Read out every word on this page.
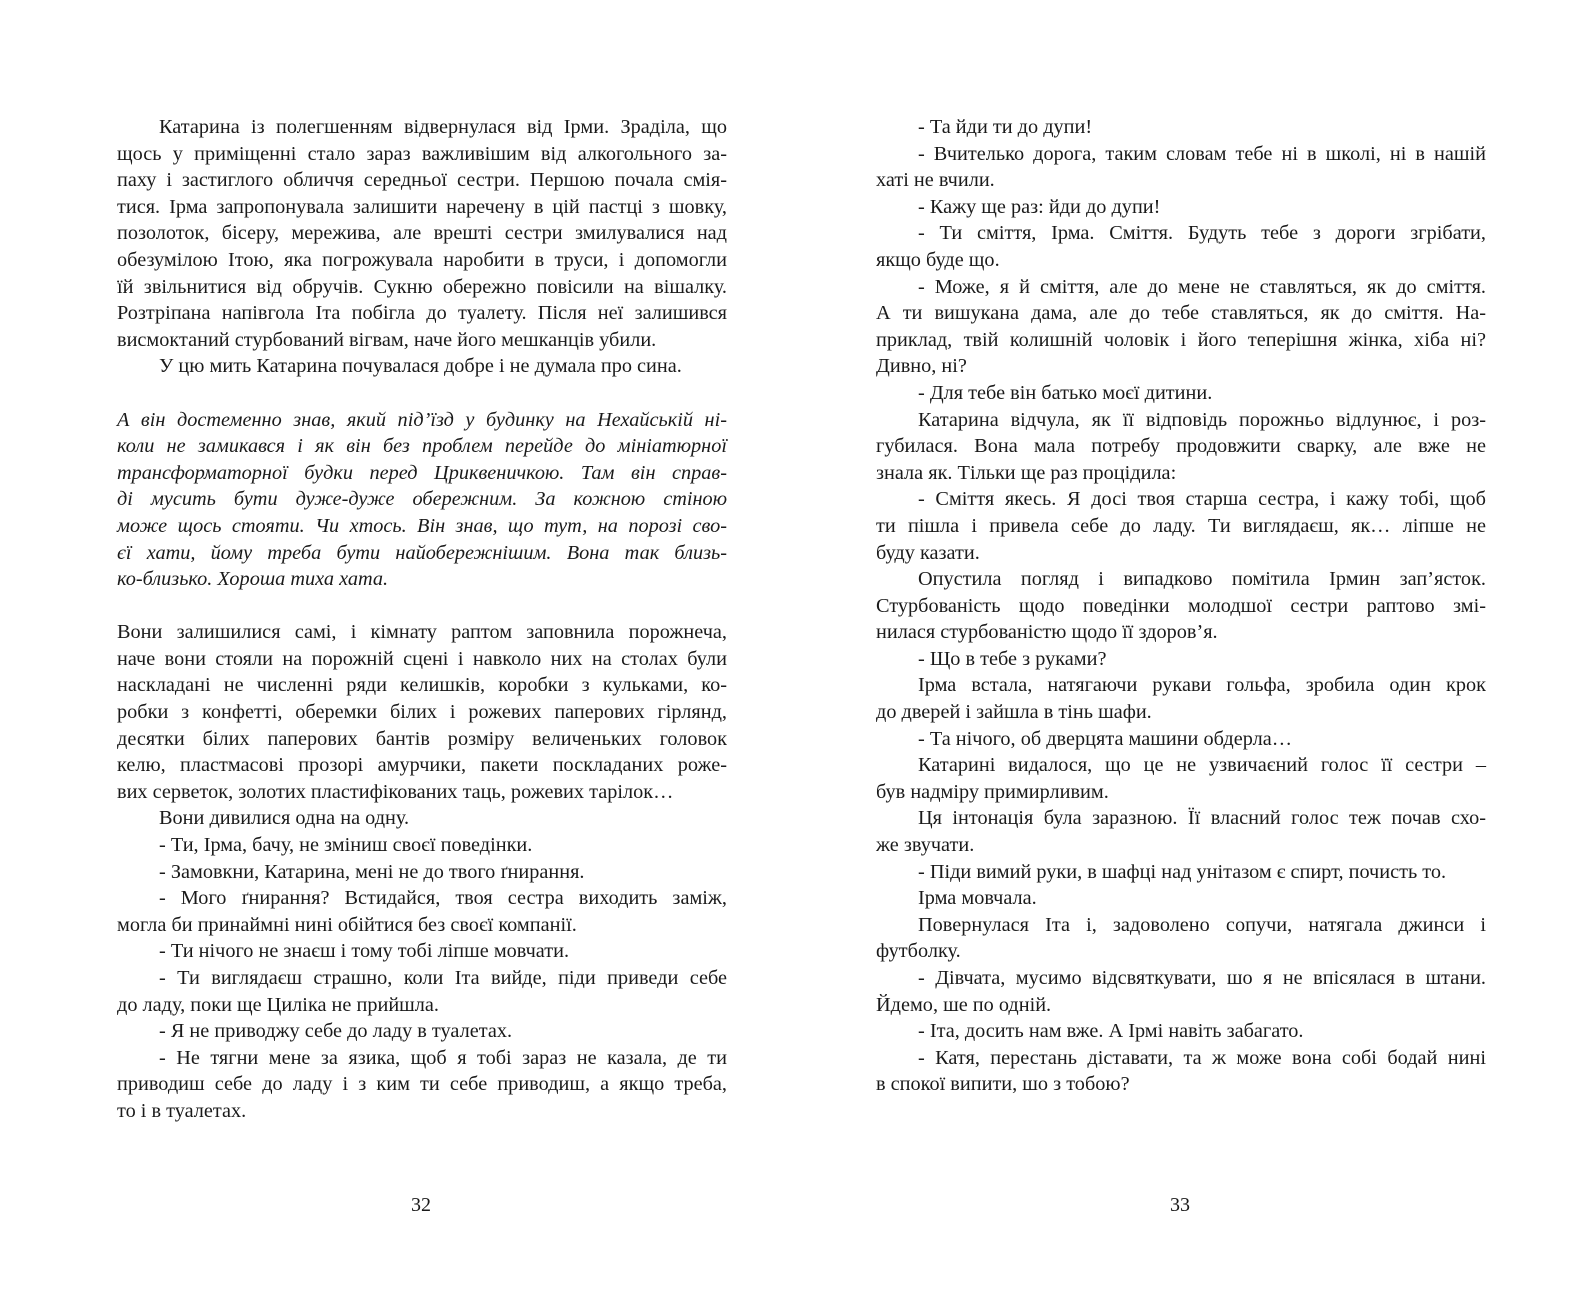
Катарина із полегшенням відвернулася від Ірми. Зраділа, що
щось у приміщенні стало зараз важливішим від алкогольного за-
паху і застиглого обличчя середньої сестри. Першою почала смія-
тися. Ірма запропонувала залишити наречену в цій пастці з шовку,
позолоток, бісеру, мережива, але врешті сестри змилувалися над
обезумілою Ітою, яка погрожувала наробити в труси, і допомогли
їй звільнитися від обручів. Сукню обережно повісили на вішалку.
Розтріпана напівгола Іта побігла до туалету. Після неї залишився
висмоктаний стурбований вігвам, наче його мешканців убили.
У цю мить Катарина почувалася добре і не думала про сина.
А він достеменно знав, який під’їзд у будинку на Нехайській ні-
коли не замикався і як він без проблем перейде до мініатюрної
трансформаторної будки перед Цриквеничкою. Там він справ-
ді мусить бути дуже-дуже обережним. За кожною стіною
може щось стояти. Чи хтось. Він знав, що тут, на порозі сво-
єї хати, йому треба бути найобережнішим. Вона так близь-
ко-близько. Хороша тиха хата.
Вони залишилися самі, і кімнату раптом заповнила порожнеча,
наче вони стояли на порожній сцені і навколо них на столах були
наскладані не численні ряди келишків, коробки з кульками, ко-
робки з конфетті, оберемки білих і рожевих паперових гірлянд,
десятки білих паперових бантів розміру величеньких головок
келю, пластмасові прозорі амурчики, пакети поскладаних роже-
вих серветок, золотих пластифікованих таць, рожевих тарілок…
Вони дивилися одна на одну.
- Ти, Ірма, бачу, не зміниш своєї поведінки.
- Замовкни, Катарина, мені не до твого ґнирання.
- Мого ґнирання? Встидайся, твоя сестра виходить заміж,
могла би принаймні нині обійтися без своєї компанії.
- Ти нічого не знаєш і тому тобі ліпше мовчати.
- Ти виглядаєш страшно, коли Іта вийде, піди приведи себе
до ладу, поки ще Циліка не прийшла.
- Я не приводжу себе до ладу в туалетах.
- Не тягни мене за язика, щоб я тобі зараз не казала, де ти
приводиш себе до ладу і з ким ти себе приводиш, а якщо треба,
то і в туалетах.
32
- Та йди ти до дупи!
- Вчителько дорога, таким словам тебе ні в школі, ні в нашій
хаті не вчили.
- Кажу ще раз: йди до дупи!
- Ти сміття, Ірма. Сміття. Будуть тебе з дороги згрібати,
якщо буде що.
- Може, я й сміття, але до мене не ставляться, як до сміття.
А ти вишукана дама, але до тебе ставляться, як до сміття. На-
приклад, твій колишній чоловік і його теперішня жінка, хіба ні?
Дивно, ні?
- Для тебе він батько моєї дитини.
Катарина відчула, як її відповідь порожньо відлунює, і роз-
губилася. Вона мала потребу продовжити сварку, але вже не
знала як. Тільки ще раз процідила:
- Сміття якесь. Я досі твоя старша сестра, і кажу тобі, щоб
ти пішла і привела себе до ладу. Ти виглядаєш, як… ліпше не
буду казати.
Опустила погляд і випадково помітила Ірмин зап’ясток.
Стурбованість щодо поведінки молодшої сестри раптово змі-
нилася стурбованістю щодо її здоров’я.
- Що в тебе з руками?
Ірма встала, натягаючи рукави гольфа, зробила один крок
до дверей і зайшла в тінь шафи.
- Та нічого, об дверцята машини обдерла…
Катарині видалося, що це не узвичаєний голос її сестри –
був надміру примирливим.
Ця інтонація була заразною. Її власний голос теж почав схо-
же звучати.
- Піди вимий руки, в шафці над унітазом є спирт, почисть то.
Ірма мовчала.
Повернулася Іта і, задоволено сопучи, натягала джинси і
футболку.
- Дівчата, мусимо відсвяткувати, шо я не впісялася в штани.
Йдемо, ше по одній.
- Іта, досить нам вже. А Ірмі навіть забагато.
- Катя, перестань діставати, та ж може вона собі бодай нині
в спокої випити, шо з тобою?
33
